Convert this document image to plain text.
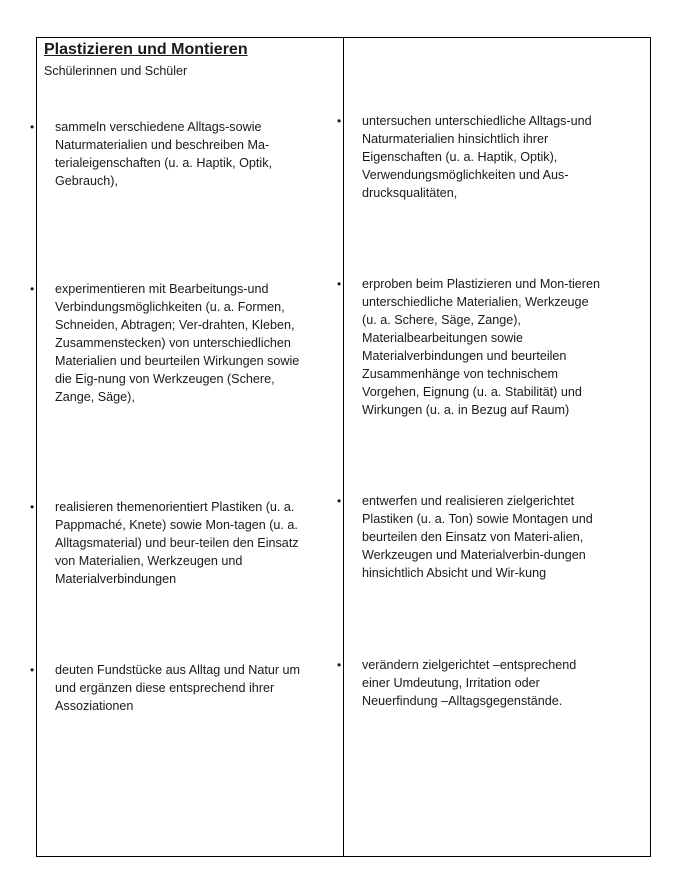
Plastizieren und Montieren
Schülerinnen und Schüler
• sammeln verschiedene Alltags-sowie Naturmaterialien und beschreiben Ma-terialeigenschaften (u. a. Haptik, Optik, Gebrauch),

• experimentieren mit Bearbeitungs-und Verbindungsmöglichkeiten (u. a. Formen, Schneiden, Abtragen; Ver-drahten, Kleben, Zusammenstecken) von unterschiedlichen Materialien und beurteilen Wirkungen sowie die Eig-nung von Werkzeugen (Schere, Zange, Säge),

• realisieren themenorientiert Plastiken (u. a. Pappmaché, Knete) sowie Mon-tagen (u. a. Alltagsmaterial) und beur-teilen den Einsatz von Materialien, Werkzeugen und Materialverbindungen

• deuten Fundstücke aus Alltag und Natur um und ergänzen diese entsprechend ihrer Assoziationen

• untersuchen unterschiedliche Alltags-und Naturmaterialien hinsichtlich ihrer Eigenschaften (u. a. Haptik, Optik), Verwendungsmöglichkeiten und Aus-drucksqualitäten,

• erproben beim Plastizieren und Mon-tieren unterschiedliche Materialien, Werkzeuge (u. a. Schere, Säge, Zange), Materialbearbeitungen sowie Materialverbindungen und beurteilen Zusammenhänge von technischem Vorgehen, Eignung (u. a. Stabilität) und Wirkungen (u. a. in Bezug auf Raum)

• entwerfen und realisieren zielgerichtet Plastiken (u. a. Ton) sowie Montagen und beurteilen den Einsatz von Materi-alien, Werkzeugen und Materialverbin-dungen hinsichtlich Absicht und Wir-kung

• verändern zielgerichtet –entsprechend einer Umdeutung, Irritation oder Neuerfindung –Alltagsgegenstände.
